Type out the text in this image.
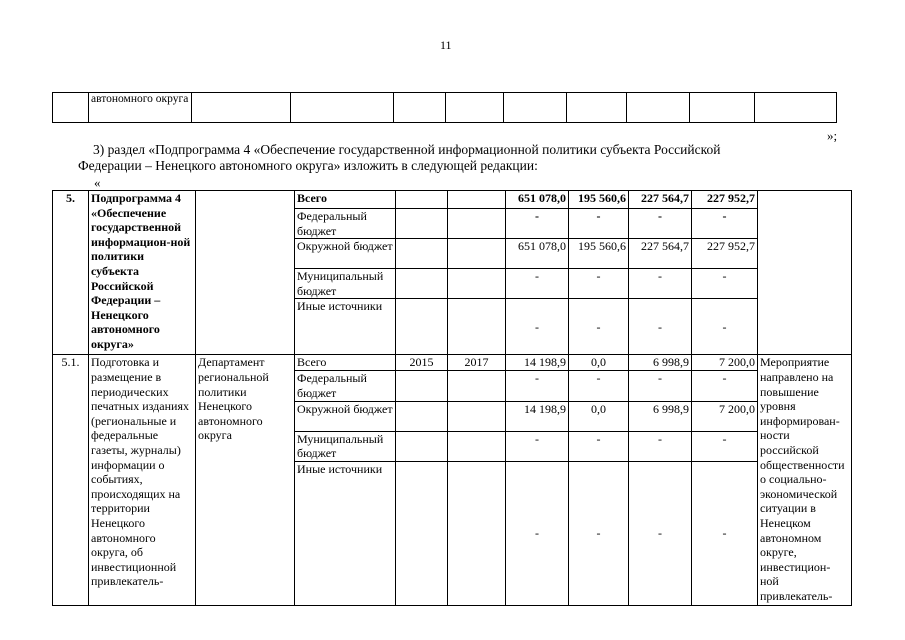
11
	автономного округа									
»;
3) раздел «Подпрограмма 4 «Обеспечение государственной информационной политики субъекта Российской
Федерации – Ненецкого автономного округа» изложить в следующей редакции:
«
5.	Подпрограмма 4 «Обеспечение государственной информацион-ной политики субъекта Российской Федерации – Ненецкого автономного округа»		Всего			651 078,0	195 560,6	227 564,7	227 952,7	
			Федеральный бюджет			-	-	-	-	
			Окружной бюджет			651 078,0	195 560,6	227 564,7	227 952,7	
			Муниципальный бюджет			-	-	-	-	
			Иные источники			-	-	-	-	
5.1.	Подготовка и размещение в периодических печатных изданиях (региональные и федеральные газеты, журналы) информации о событиях, происходящих на территории Ненецкого автономного округа, об инвестиционной привлекатель-	Департамент региональной политики Ненецкого автономного округа	Всего	2015	2017	14 198,9	0,0	6 998,9	7 200,0	Мероприятие направлено на повышение уровня информирован-ности российской общественности о социально-экономической ситуации в Ненецком автономном округе, инвестицион-ной привлекатель-
			Федеральный бюджет			-	-	-	-	
			Окружной бюджет			14 198,9	0,0	6 998,9	7 200,0	
			Муниципальный бюджет			-	-	-	-	
			Иные источники			-	-	-	-	
